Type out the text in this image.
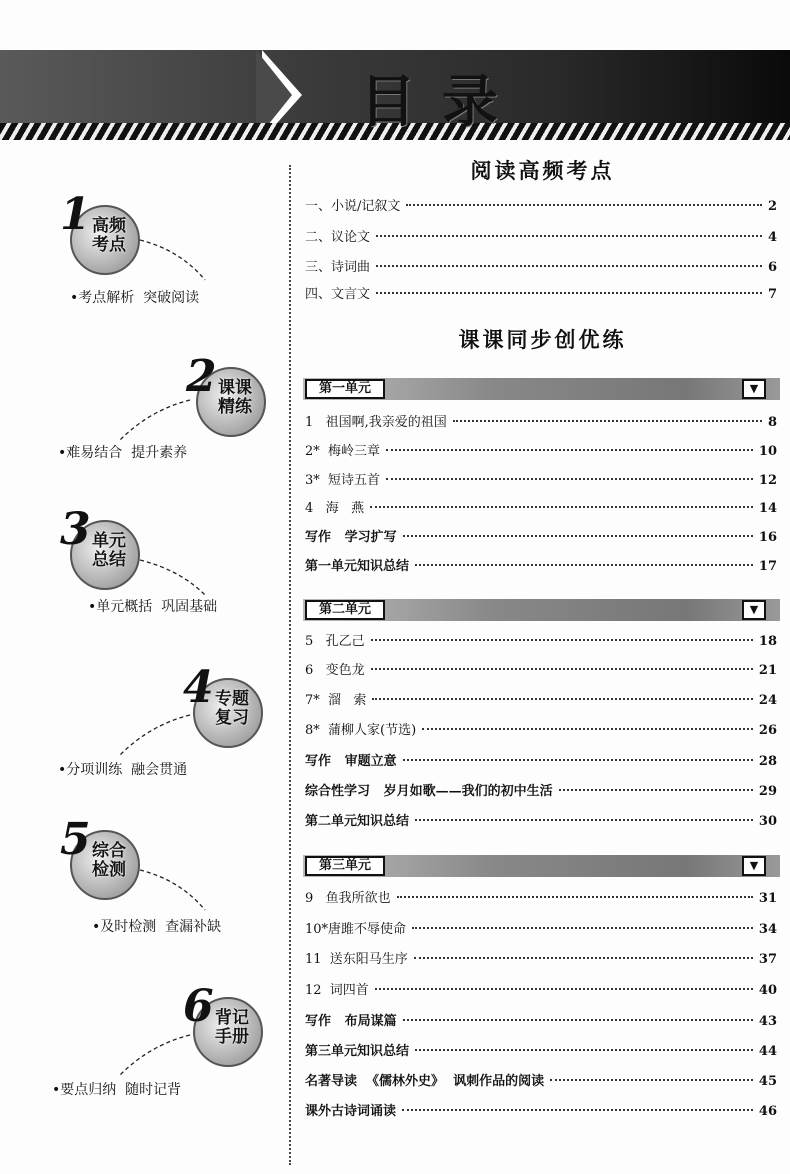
目录
1 高频考点
•考点解析  突破阅读
2 课课精练
•难易结合  提升素养
3 单元总结
•单元概括  巩固基础
4 专题复习
•分项训练  融会贯通
5 综合检测
•及时检测  查漏补缺
6 背记手册
•要点归纳  随时记背
阅读高频考点
一、小说/记叙文	2
二、议论文	4
三、诗词曲	6
四、文言文	7
课课同步创优练
第一单元	▼
1   祖国啊,我亲爱的祖国	8
2*  梅岭三章	10
3*  短诗五首	12
4   海   燕	14
写作   学习扩写	16
第一单元知识总结	17
第二单元	▼
5   孔乙己	18
6   变色龙	21
7*  溜   索	24
8*  蒲柳人家(节选)	26
写作   审题立意	28
综合性学习   岁月如歌——我们的初中生活	29
第二单元知识总结	30
第三单元	▼
9   鱼我所欲也	31
10*唐雎不辱使命	34
11  送东阳马生序	37
12  词四首	40
写作   布局谋篇	43
第三单元知识总结	44
名著导读  《儒林外史》  讽刺作品的阅读	45
课外古诗词诵读	46
